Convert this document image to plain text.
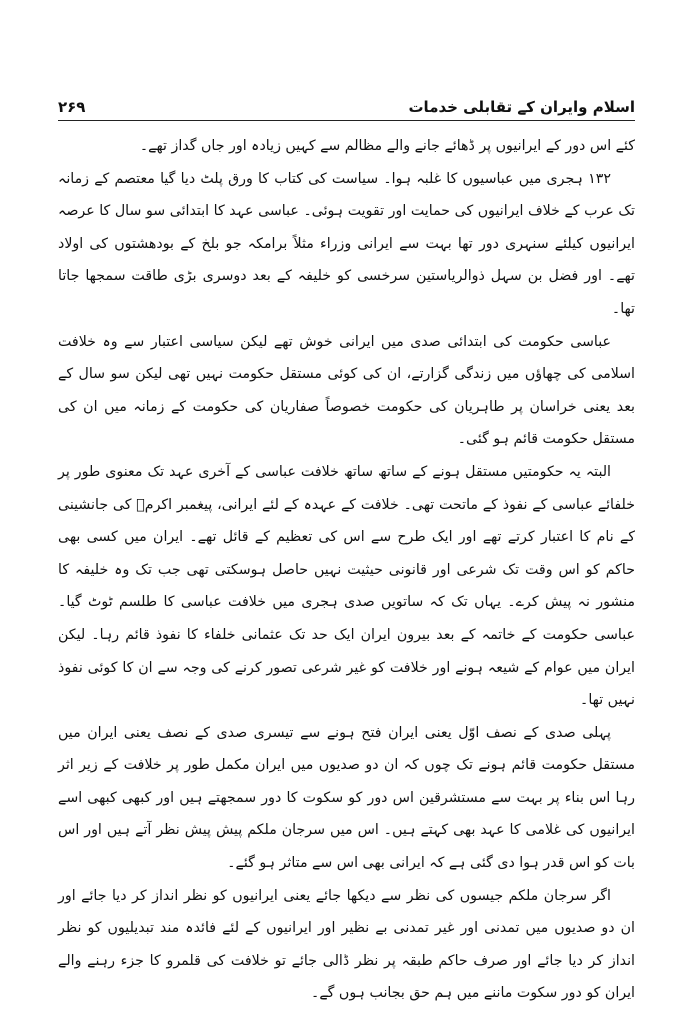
اسلام وایران کے تقابلی خدمات
۲۶۹

کئے اس دور کے ایرانیوں پر ڈھائے جانے والے مظالم سے کہیں زیادہ اور جاں گداز تھے۔

۱۳۲ ہجری میں عباسیوں کا غلبہ ہوا۔ سیاست کی کتاب کا ورق پلٹ دیا گیا معتصم کے زمانہ تک عرب کے خلاف ایرانیوں کی حمایت اور تقویت ہوئی۔ عباسی عہد کا ابتدائی سو سال کا عرصہ ایرانیوں کیلئے سنہری دور تھا بہت سے ایرانی وزراء مثلاً برامکہ جو بلخ کے بودھشتوں کی اولاد تھے۔ اور فضل بن سہل ذوالریاستین سرخسی کو خلیفہ کے بعد دوسری بڑی طاقت سمجھا جاتا تھا۔

عباسی حکومت کی ابتدائی صدی میں ایرانی خوش تھے لیکن سیاسی اعتبار سے وہ خلافت اسلامی کی چھاؤں میں زندگی گزارتے، ان کی کوئی مستقل حکومت نہیں تھی لیکن سو سال کے بعد یعنی خراسان پر طاہریان کی حکومت خصوصاً صفاریان کی حکومت کے زمانہ میں ان کی مستقل حکومت قائم ہو گئی۔

البتہ یہ حکومتیں مستقل ہونے کے ساتھ ساتھ خلافت عباسی کے آخری عہد تک معنوی طور پر خلفائے عباسی کے نفوذ کے ماتحت تھی۔ خلافت کے عہدہ کے لئے ایرانی، پیغمبر اکرمؐ کی جانشینی کے نام کا اعتبار کرتے تھے اور ایک طرح سے اس کی تعظیم کے قائل تھے۔ ایران میں کسی بھی حاکم کو اس وقت تک شرعی اور قانونی حیثیت نہیں حاصل ہوسکتی تھی جب تک وہ خلیفہ کا منشور نہ پیش کرے۔ یہاں تک کہ ساتویں صدی ہجری میں خلافت عباسی کا طلسم ٹوٹ گیا۔ عباسی حکومت کے خاتمہ کے بعد بیرون ایران ایک حد تک عثمانی خلفاء کا نفوذ قائم رہا۔ لیکن ایران میں عوام کے شیعہ ہونے اور خلافت کو غیر شرعی تصور کرنے کی وجہ سے ان کا کوئی نفوذ نہیں تھا۔

پہلی صدی کے نصف اوّل یعنی ایران فتح ہونے سے تیسری صدی کے نصف یعنی ایران میں مستقل حکومت قائم ہونے تک چوں کہ ان دو صدیوں میں ایران مکمل طور پر خلافت کے زیر اثر رہا اس بناء پر بہت سے مستشرقین اس دور کو سکوت کا دور سمجھتے ہیں اور کبھی کبھی اسے ایرانیوں کی غلامی کا عہد بھی کہتے ہیں۔ اس میں سرجان ملکم پیش پیش نظر آتے ہیں اور اس بات کو اس قدر ہوا دی گئی ہے کہ ایرانی بھی اس سے متاثر ہو گئے۔

اگر سرجان ملکم جیسوں کی نظر سے دیکھا جائے یعنی ایرانیوں کو نظر انداز کر دیا جائے اور ان دو صدیوں میں تمدنی اور غیر تمدنی بے نظیر اور ایرانیوں کے لئے فائدہ مند تبدیلیوں کو نظر انداز کر دیا جائے اور صرف حاکم طبقہ پر نظر ڈالی جائے تو خلافت کی قلمرو کا جزء رہنے والے ایران کو دور سکوت ماننے میں ہم حق بجانب ہوں گے۔
